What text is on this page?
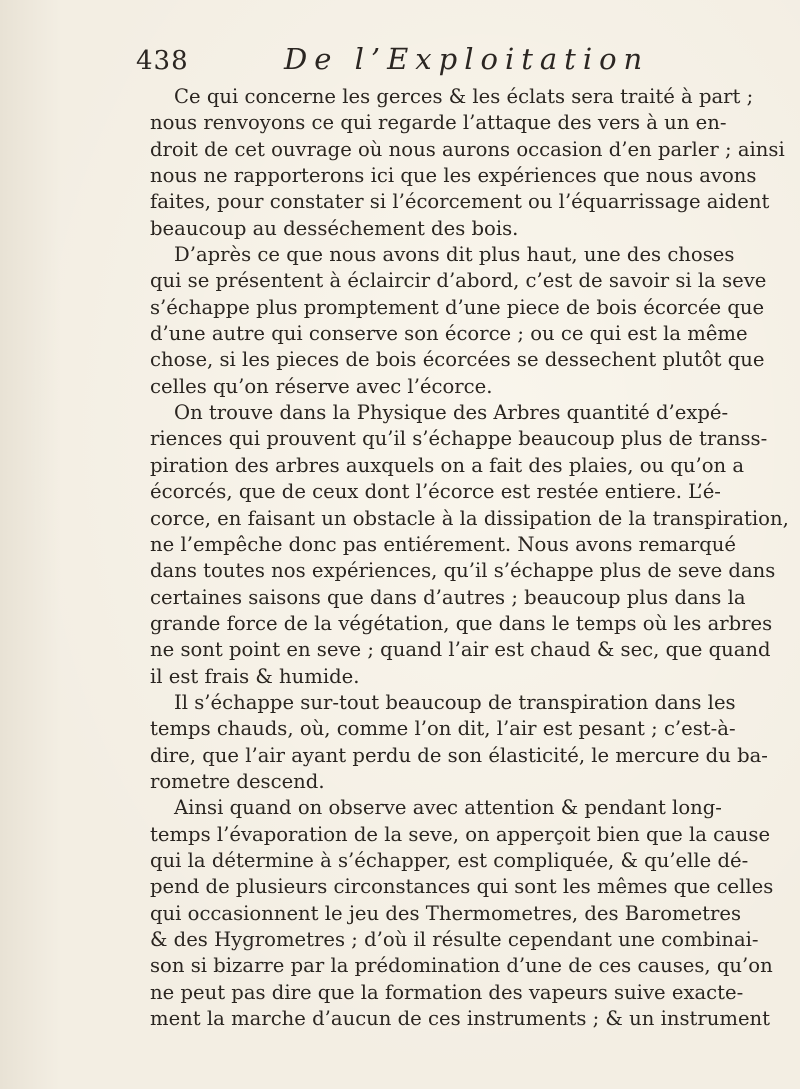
438	De l’Exploitation
Ce qui concerne les gerces & les éclats sera traité à part ;
nous renvoyons ce qui regarde l’attaque des vers à un en-
droit de cet ouvrage où nous aurons occasion d’en parler ; ainsi
nous ne rapporterons ici que les expériences que nous avons
faites, pour constater si l’écorcement ou l’équarrissage aident
beaucoup au desséchement des bois.
D’après ce que nous avons dit plus haut, une des choses
qui se présentent à éclaircir d’abord, c’est de savoir si la seve
s’échappe plus promptement d’une piece de bois écorcée que
d’une autre qui conserve son écorce ; ou ce qui est la même
chose, si les pieces de bois écorcées se dessechent plutôt que
celles qu’on réserve avec l’écorce.
On trouve dans la Physique des Arbres quantité d’expé-
riences qui prouvent qu’il s’échappe beaucoup plus de transs-
piration des arbres auxquels on a fait des plaies, ou qu’on a
écorcés, que de ceux dont l’écorce est restée entiere. L’é-
corce, en faisant un obstacle à la dissipation de la transpiration,
ne l’empêche donc pas entiérement. Nous avons remarqué
dans toutes nos expériences, qu’il s’échappe plus de seve dans
certaines saisons que dans d’autres ; beaucoup plus dans la
grande force de la végétation, que dans le temps où les arbres
ne sont point en seve ; quand l’air est chaud & sec, que quand
il est frais & humide.
Il s’échappe sur-tout beaucoup de transpiration dans les
temps chauds, où, comme l’on dit, l’air est pesant ; c’est-à-
dire, que l’air ayant perdu de son élasticité, le mercure du ba-
rometre descend.
Ainsi quand on observe avec attention & pendant long-
temps l’évaporation de la seve, on apperçoit bien que la cause
qui la détermine à s’échapper, est compliquée, & qu’elle dé-
pend de plusieurs circonstances qui sont les mêmes que celles
qui occasionnent le jeu des Thermometres, des Barometres
& des Hygrometres ; d’où il résulte cependant une combinai-
son si bizarre par la prédomination d’une de ces causes, qu’on
ne peut pas dire que la formation des vapeurs suive exacte-
ment la marche d’aucun de ces instruments ; & un instrument
